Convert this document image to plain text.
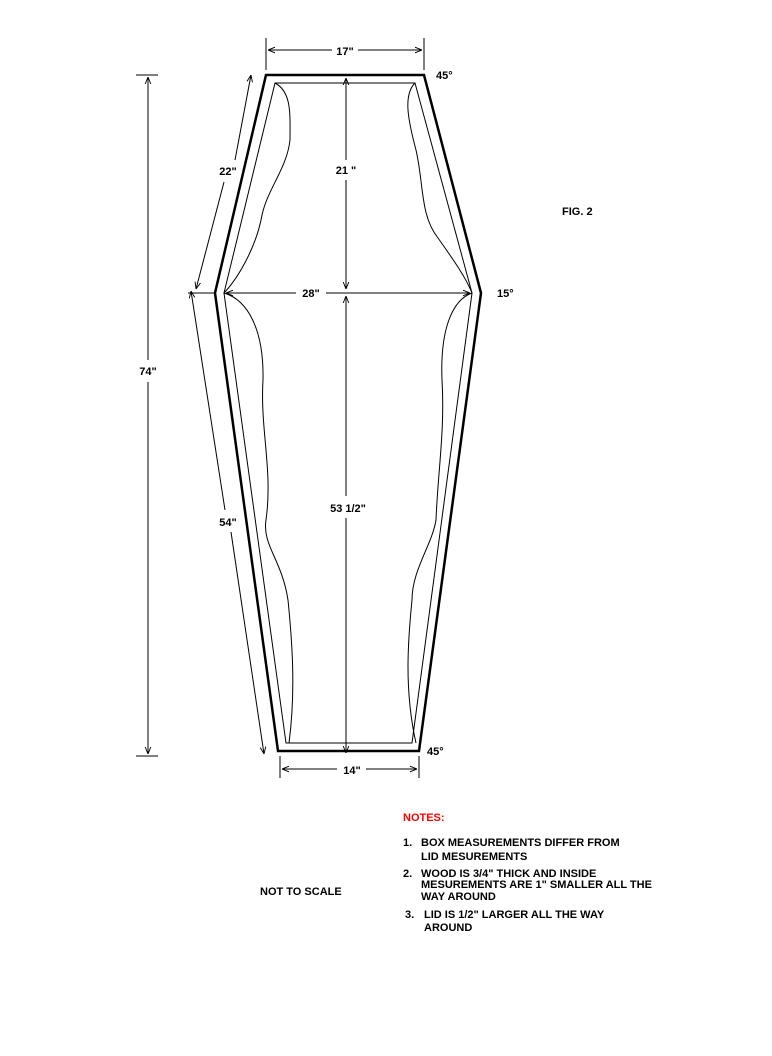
17"
74"
22"
54"
28"
21 "
53 1/2"
14"
45°
15°
45°
FIG. 2
NOT TO SCALE
NOTES:
1. BOX MEASUREMENTS DIFFER FROM
LID MESUREMENTS
2. WOOD IS 3/4" THICK AND INSIDE
MESUREMENTS ARE 1" SMALLER ALL THE
WAY AROUND
3. LID IS 1/2" LARGER ALL THE WAY
AROUND
